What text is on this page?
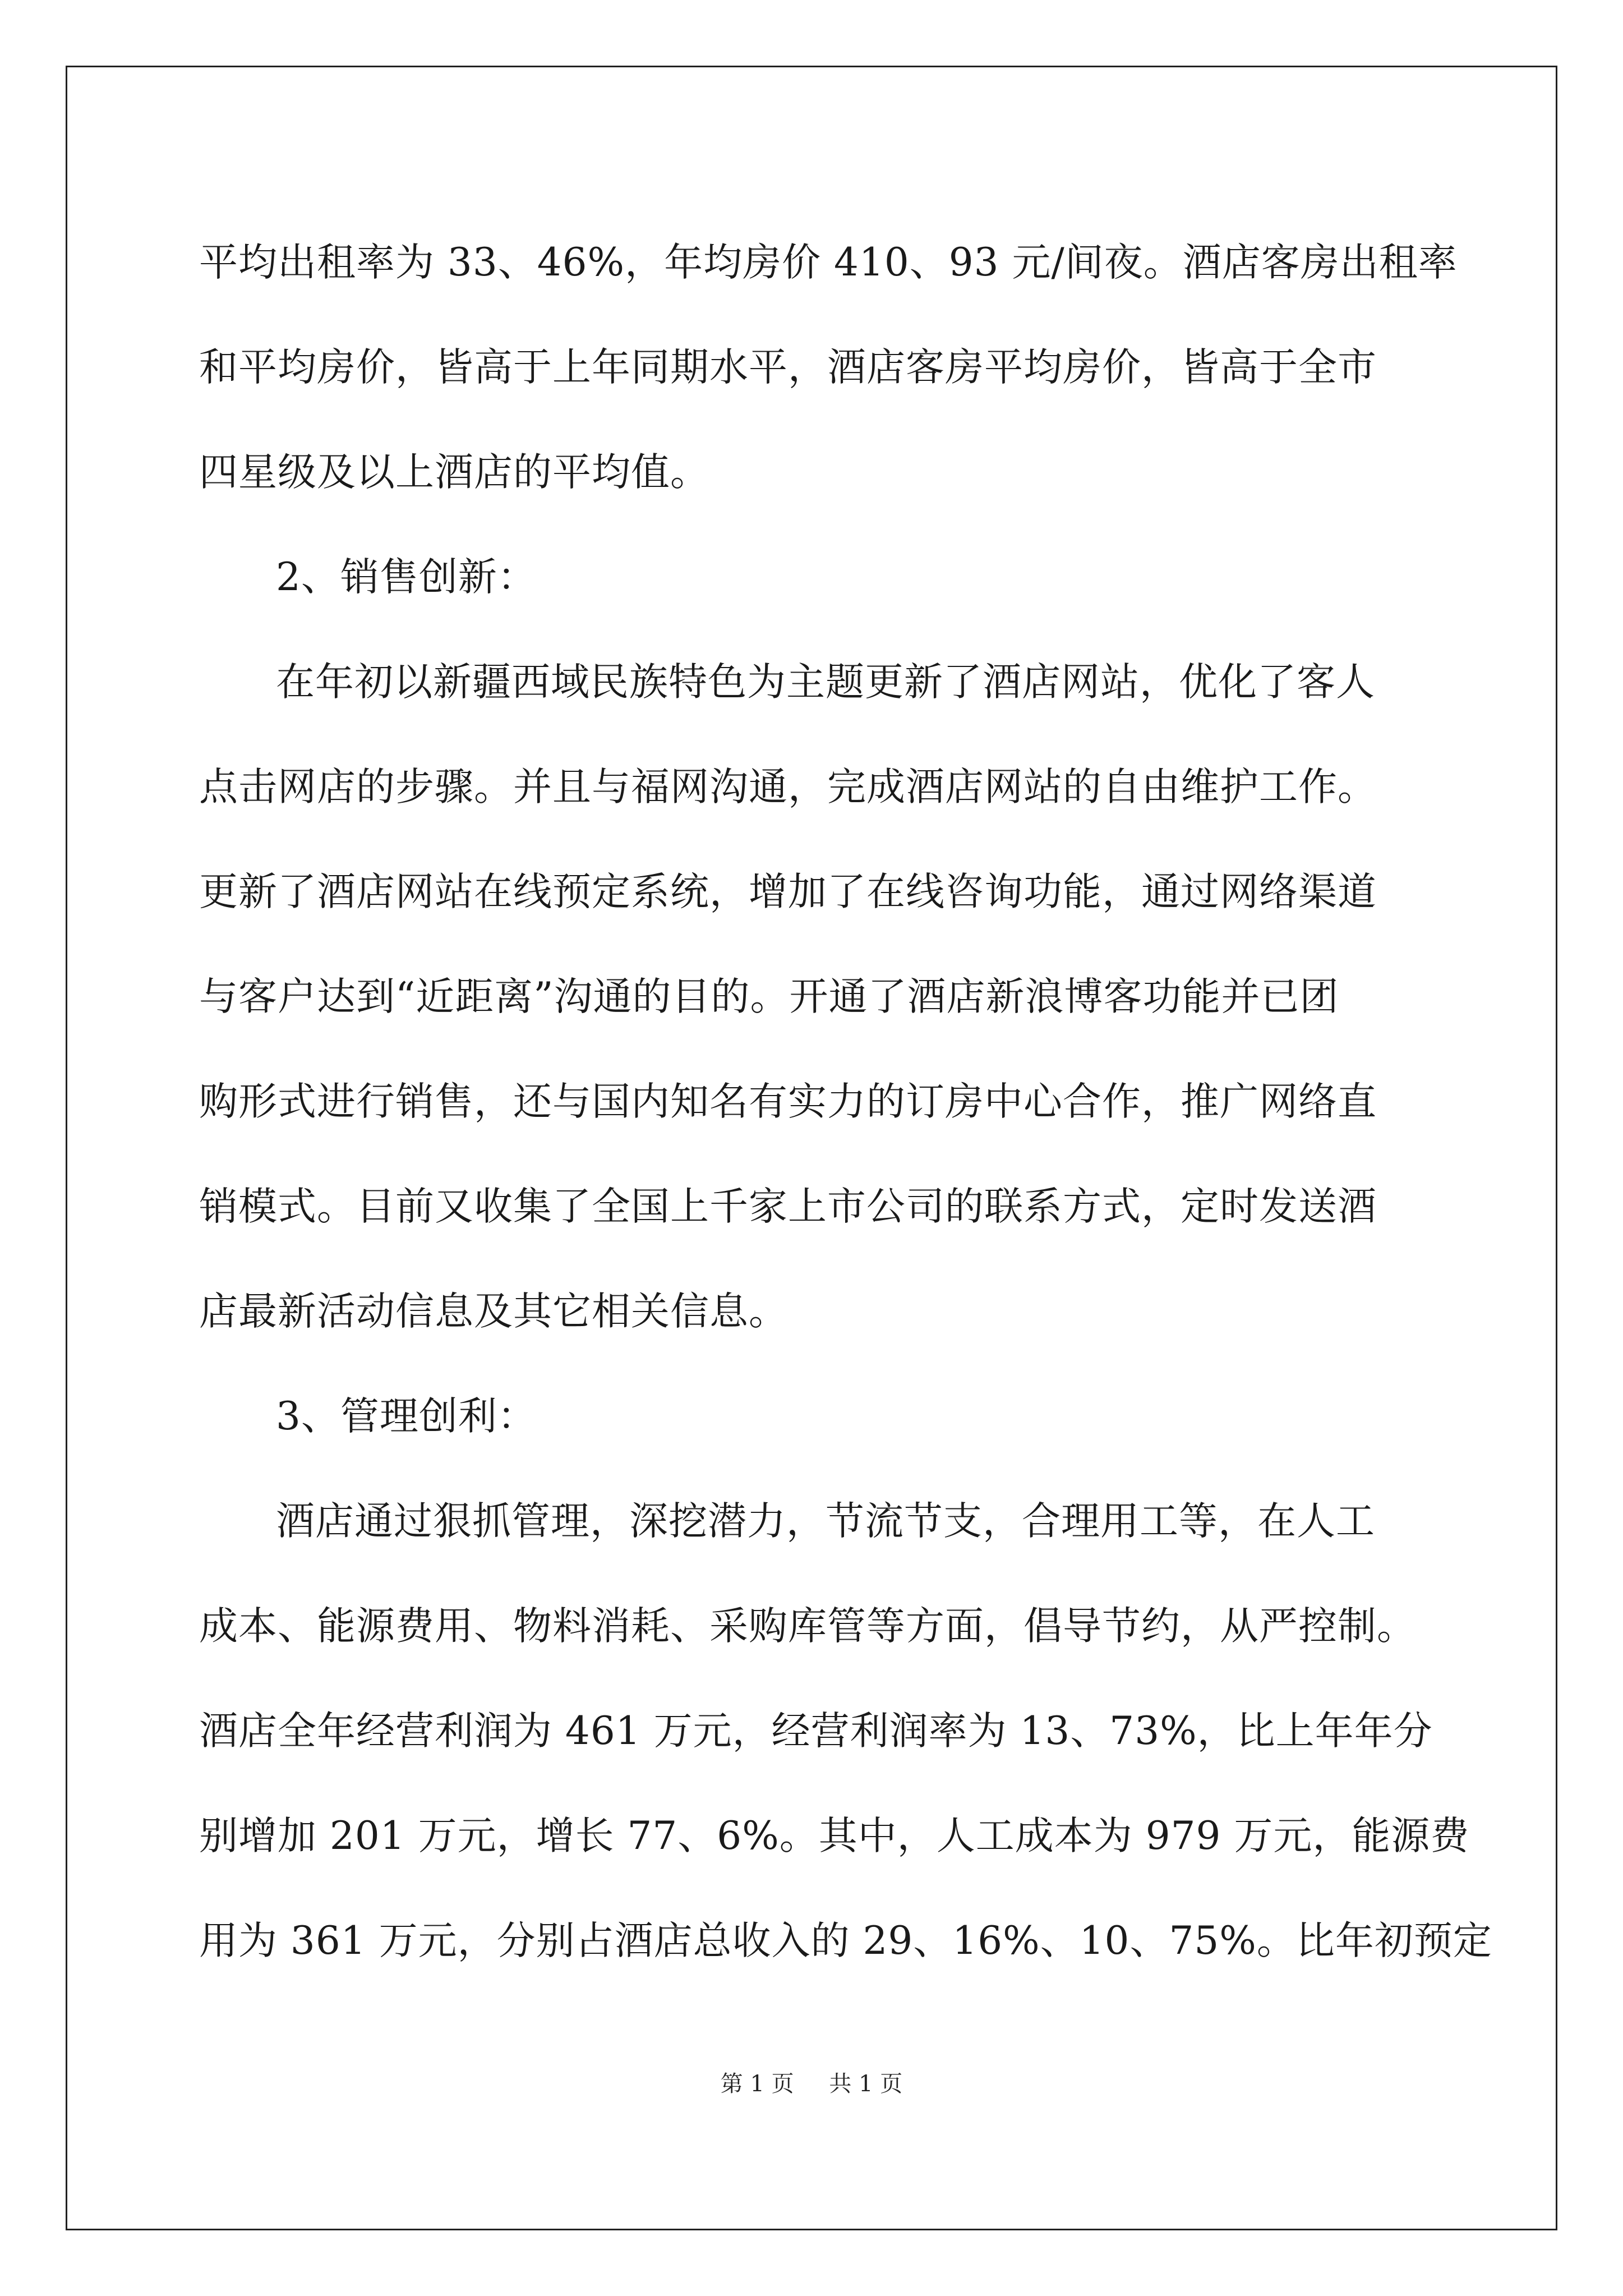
平均出租率为 33、46%，年均房价 410、93 元/间夜。酒店客房出租率
和平均房价，皆高于上年同期水平，酒店客房平均房价，皆高于全市
四星级及以上酒店的平均值。
2、销售创新：
在年初以新疆西域民族特色为主题更新了酒店网站，优化了客人
点击网店的步骤。并且与福网沟通，完成酒店网站的自由维护工作。
更新了酒店网站在线预定系统，增加了在线咨询功能，通过网络渠道
与客户达到“近距离”沟通的目的。开通了酒店新浪博客功能并已团
购形式进行销售，还与国内知名有实力的订房中心合作，推广网络直
销模式。目前又收集了全国上千家上市公司的联系方式，定时发送酒
店最新活动信息及其它相关信息。
3、管理创利：
酒店通过狠抓管理，深挖潜力，节流节支，合理用工等，在人工
成本、能源费用、物料消耗、采购库管等方面，倡导节约，从严控制。
酒店全年经营利润为 461 万元，经营利润率为 13、73%，比上年年分
别增加 201 万元，增长 77、6%。其中，人工成本为 979 万元，能源费
用为 361 万元，分别占酒店总收入的 29、16%、10、75%。比年初预定
第 1 页 共 1 页
